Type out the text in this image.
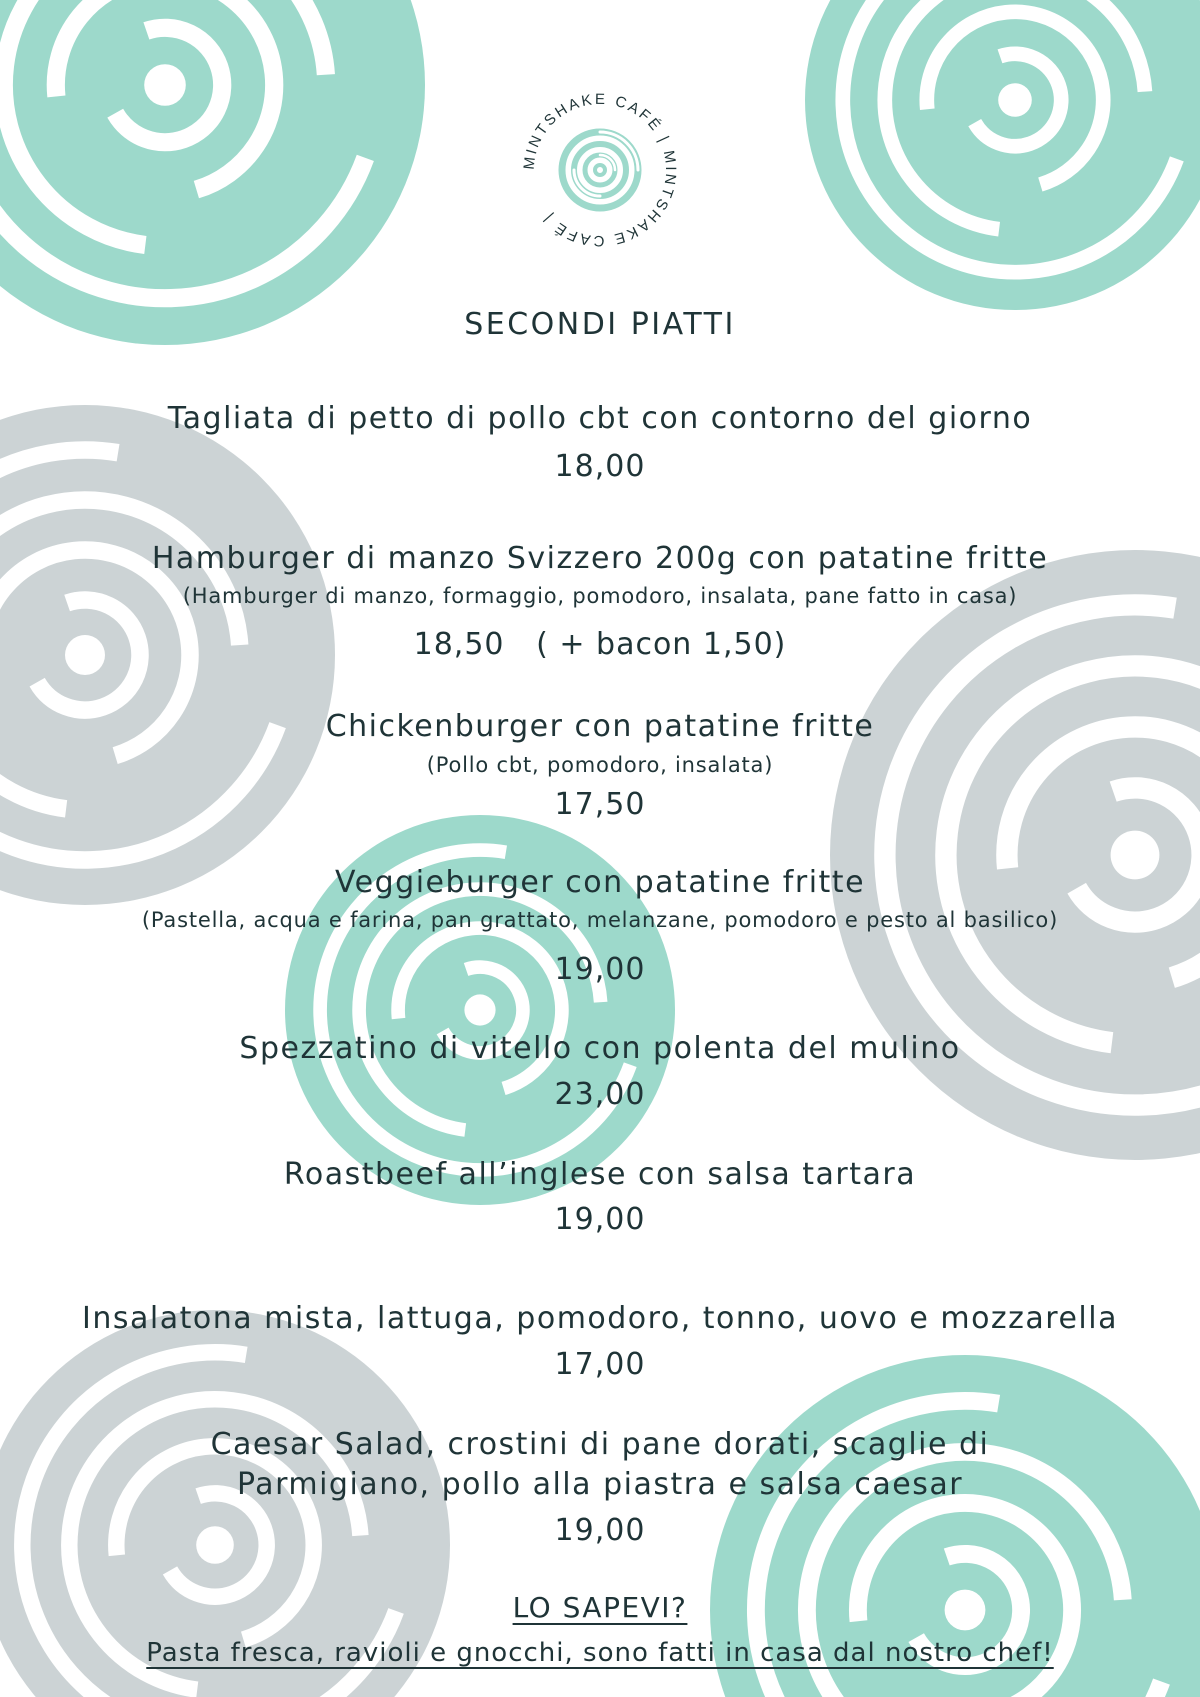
MINTSHAKE CAFÉ | MINTSHAKE CAFÉ |
SECONDI PIATTI
Tagliata di petto di pollo cbt con contorno del giorno
18,00
Hamburger di manzo Svizzero 200g con patatine fritte
(Hamburger di manzo, formaggio, pomodoro, insalata, pane fatto in casa)
18,50   ( + bacon 1,50)
Chickenburger con patatine fritte
(Pollo cbt, pomodoro, insalata)
17,50
Veggieburger con patatine fritte
(Pastella, acqua e farina, pan grattato, melanzane, pomodoro e pesto al basilico)
19,00
Spezzatino di vitello con polenta del mulino
23,00
Roastbeef all’inglese con salsa tartara
19,00
Insalatona mista, lattuga, pomodoro, tonno, uovo e mozzarella
17,00
Caesar Salad, crostini di pane dorati, scaglie di
Parmigiano, pollo alla piastra e salsa caesar
19,00
LO SAPEVI?
Pasta fresca, ravioli e gnocchi, sono fatti in casa dal nostro chef!
